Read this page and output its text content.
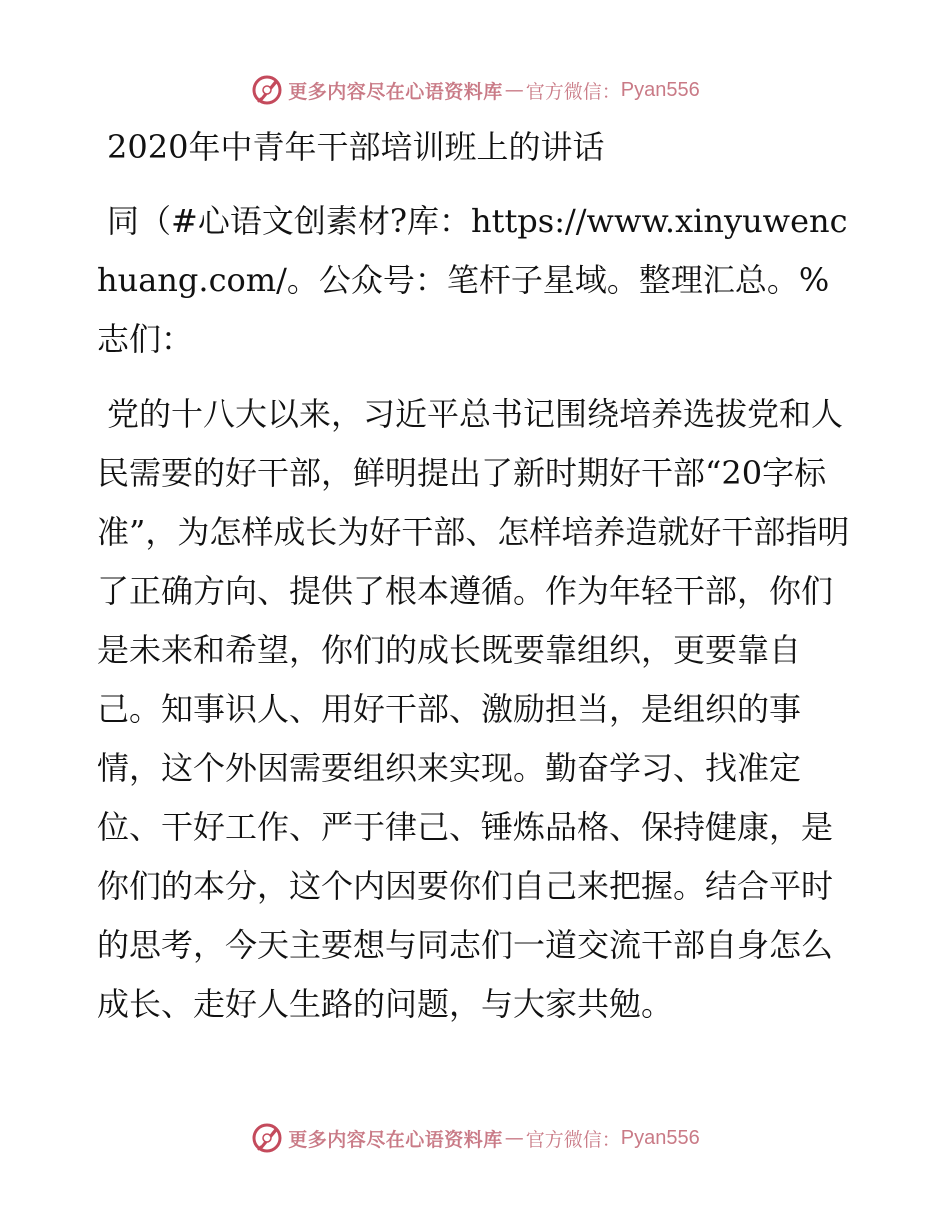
更多内容尽在心语资料库 — 官方微信： Pyan556
2020年中青年干部培训班上的讲话

同（#心语文创素材?库：https://www.xinyuwenchuang.com/。公众号：笔杆子星域。整理汇总。%志们：

党的十八大以来，习近平总书记围绕培养选拔党和人民需要的好干部，鲜明提出了新时期好干部“20字标准”，为怎样成长为好干部、怎样培养造就好干部指明了正确方向、提供了根本遵循。作为年轻干部，你们是未来和希望，你们的成长既要靠组织，更要靠自己。知事识人、用好干部、激励担当，是组织的事情，这个外因需要组织来实现。勤奋学习、找准定位、干好工作、严于律己、锤炼品格、保持健康，是你们的本分，这个内因要你们自己来把握。结合平时的思考，今天主要想与同志们一道交流干部自身怎么成长、走好人生路的问题，与大家共勉。

更多内容尽在心语资料库 — 官方微信： Pyan556
